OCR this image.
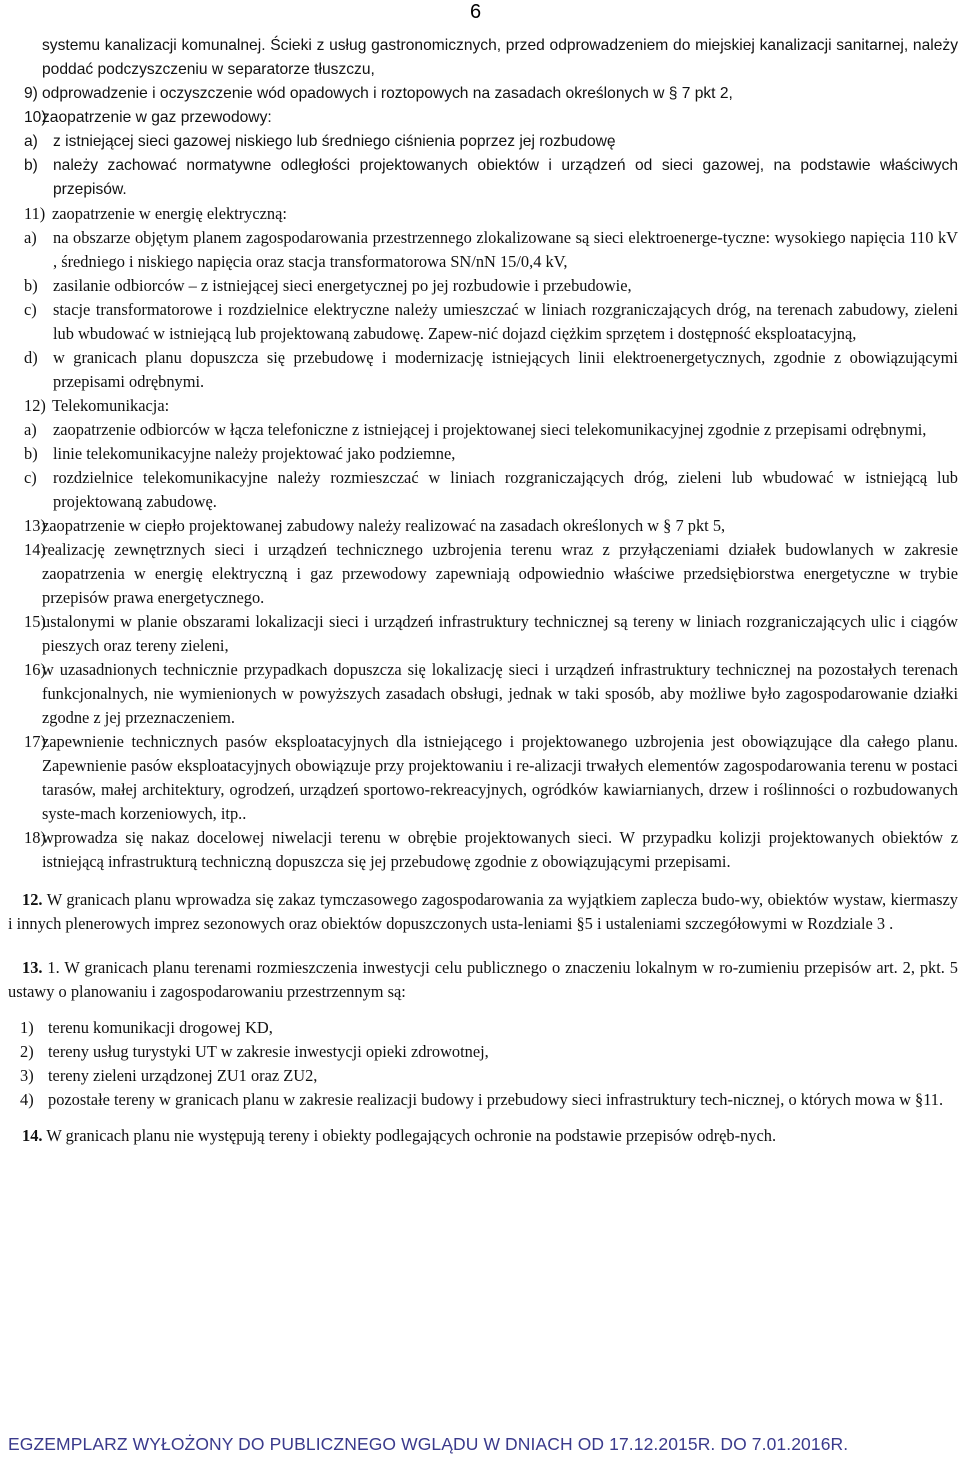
6
systemu kanalizacji komunalnej. Ścieki z usług gastronomicznych, przed odprowadzeniem do miejskiej kanalizacji sanitarnej, należy poddać podczyszczeniu w separatorze tłuszczu,
9) odprowadzenie i oczyszczenie wód opadowych i roztopowych na zasadach określonych w § 7 pkt 2,
10)
zaopatrzenie w gaz przewodowy:
a) z istniejącej sieci gazowej niskiego lub średniego ciśnienia poprzez jej rozbudowę
b) należy zachować normatywne odległości projektowanych obiektów i urządzeń od sieci gazowej, na podstawie właściwych przepisów.
11) zaopatrzenie w energię elektryczną:
a) na obszarze objętym planem zagospodarowania przestrzennego zlokalizowane są sieci elektroenerge-tyczne: wysokiego napięcia 110 kV , średniego i niskiego napięcia oraz stacja transformatorowa SN/nN 15/0,4 kV,
b) zasilanie odbiorców – z istniejącej sieci energetycznej po jej rozbudowie i przebudowie,
c) stacje transformatorowe i rozdzielnice elektryczne należy umieszczać w liniach rozgraniczających dróg, na terenach zabudowy, zieleni lub wbudować w istniejącą lub projektowaną zabudowę. Zapew-nić dojazd ciężkim sprzętem i dostępność eksploatacyjną,
d) w granicach planu dopuszcza się przebudowę i modernizację istniejących linii elektroenergetycznych, zgodnie z obowiązującymi przepisami odrębnymi.
12) Telekomunikacja:
a) zaopatrzenie odbiorców w łącza telefoniczne z istniejącej i projektowanej sieci telekomunikacyjnej zgodnie z przepisami odrębnymi,
b) linie telekomunikacyjne należy projektować jako podziemne,
c) rozdzielnice telekomunikacyjne należy rozmieszczać w liniach rozgraniczających dróg, zieleni lub wbudować w istniejącą lub projektowaną zabudowę.
13)
zaopatrzenie w ciepło projektowanej zabudowy należy realizować na zasadach określonych w § 7 pkt 5,
14)
realizację zewnętrznych sieci i urządzeń technicznego uzbrojenia terenu wraz z przyłączeniami działek budowlanych w zakresie zaopatrzenia w energię elektryczną i gaz przewodowy zapewniają odpowiednio właściwe przedsiębiorstwa energetyczne w trybie przepisów prawa energetycznego.
15)
ustalonymi w planie obszarami lokalizacji sieci i urządzeń infrastruktury technicznej są tereny w liniach rozgraniczających ulic i ciągów pieszych oraz tereny zieleni,
16)
w uzasadnionych technicznie przypadkach dopuszcza się lokalizację sieci i urządzeń infrastruktury technicznej na pozostałych terenach funkcjonalnych, nie wymienionych w powyższych zasadach obsługi, jednak w taki sposób, aby możliwe było zagospodarowanie działki zgodne z jej przeznaczeniem.
17)
zapewnienie technicznych pasów eksploatacyjnych dla istniejącego i projektowanego uzbrojenia jest obowiązujące dla całego planu. Zapewnienie pasów eksploatacyjnych obowiązuje przy projektowaniu i re-alizacji trwałych elementów zagospodarowania terenu w postaci tarasów, małej architektury, ogrodzeń, urządzeń sportowo-rekreacyjnych, ogródków kawiarnianych, drzew i roślinności o rozbudowanych syste-mach korzeniowych, itp..
18)
wprowadza się nakaz docelowej niwelacji terenu w obrębie projektowanych sieci. W przypadku kolizji projektowanych obiektów z istniejącą infrastrukturą techniczną dopuszcza się jej przebudowę zgodnie z obowiązującymi przepisami.
12. W granicach planu wprowadza się zakaz tymczasowego zagospodarowania za wyjątkiem zaplecza budo-wy, obiektów wystaw, kiermaszy i innych plenerowych imprez sezonowych oraz obiektów dopuszczonych usta-leniami §5 i ustaleniami szczegółowymi w Rozdziale 3 .
13. 1. W granicach planu terenami rozmieszczenia inwestycji celu publicznego o znaczeniu lokalnym w ro-zumieniu przepisów art. 2, pkt. 5 ustawy o planowaniu i zagospodarowaniu przestrzennym są:
1) terenu komunikacji drogowej KD,
2) tereny usług turystyki UT w zakresie inwestycji opieki zdrowotnej,
3) tereny zieleni urządzonej ZU1 oraz ZU2,
4) pozostałe tereny w granicach planu w zakresie realizacji budowy i przebudowy sieci infrastruktury tech-nicznej, o których mowa w §11.
14. W granicach planu nie występują tereny i obiekty podlegających ochronie na podstawie przepisów odręb-nych.
EGZEMPLARZ WYŁOŻONY DO PUBLICZNEGO WGLĄDU W DNIACH OD 17.12.2015R. DO 7.01.2016R.
